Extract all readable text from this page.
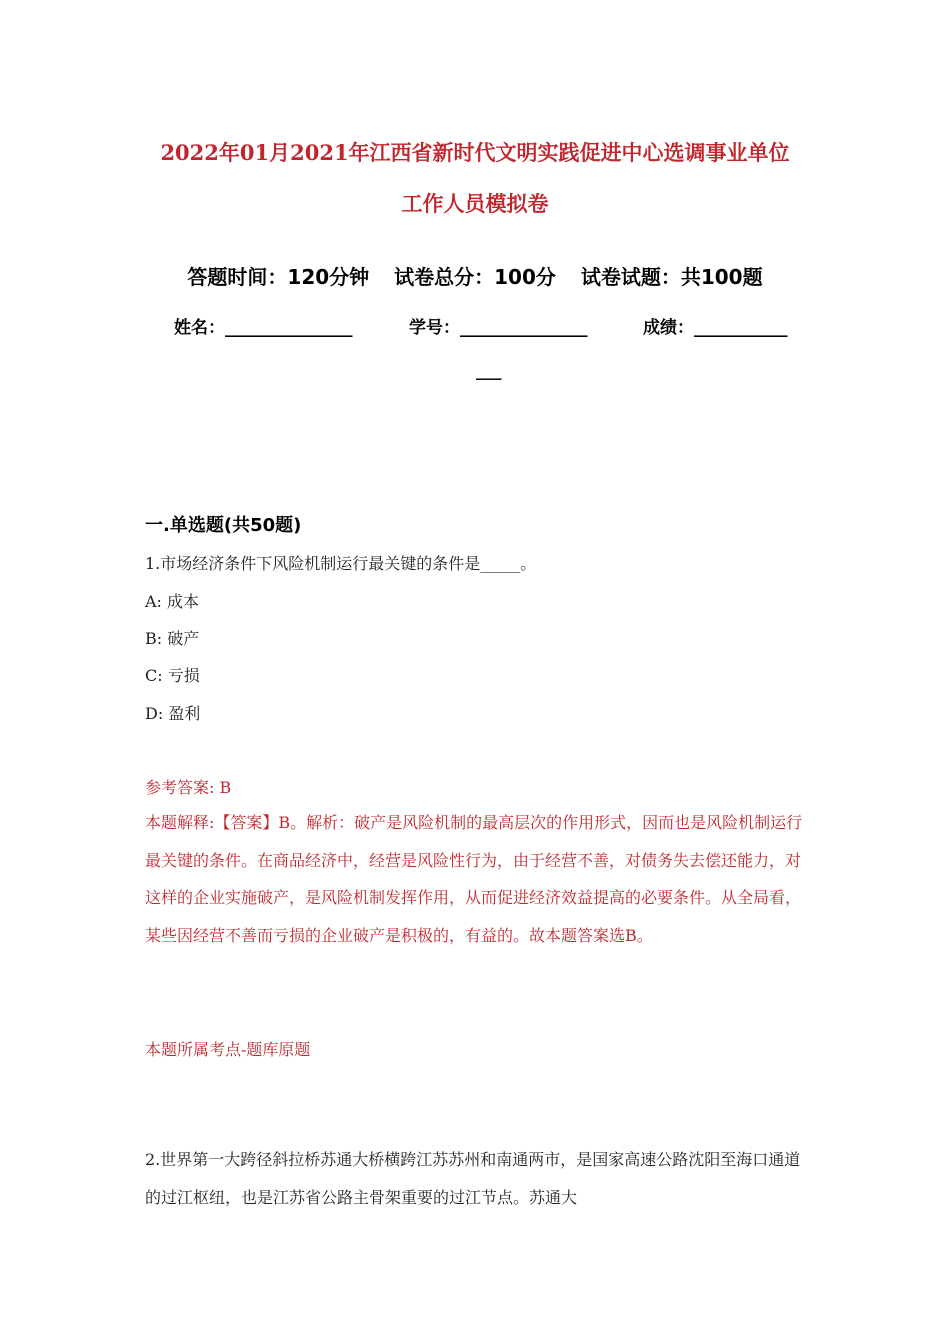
2022年01月2021年江西省新时代文明实践促进中心选调事业单位
工作人员模拟卷
答题时间：120分钟 试卷总分：100分 试卷试题：共100题
姓名：_______________	学号：_______________	成绩：___________
___
一.单选题(共50题)
1.市场经济条件下风险机制运行最关键的条件是_____。
A: 成本
B: 破产
C: 亏损
D: 盈利
参考答案: B
本题解释:【答案】B。解析：破产是风险机制的最高层次的作用形式，因而也是风险机制运行最关键的条件。在商品经济中，经营是风险性行为，由于经营不善，对债务失去偿还能力，对这样的企业实施破产，是风险机制发挥作用，从而促进经济效益提高的必要条件。从全局看，某些因经营不善而亏损的企业破产是积极的，有益的。故本题答案选B。
本题所属考点-题库原题
2.世界第一大跨径斜拉桥苏通大桥横跨江苏苏州和南通两市，是国家高速公路沈阳至海口通道的过江枢纽，也是江苏省公路主骨架重要的过江节点。苏通大
